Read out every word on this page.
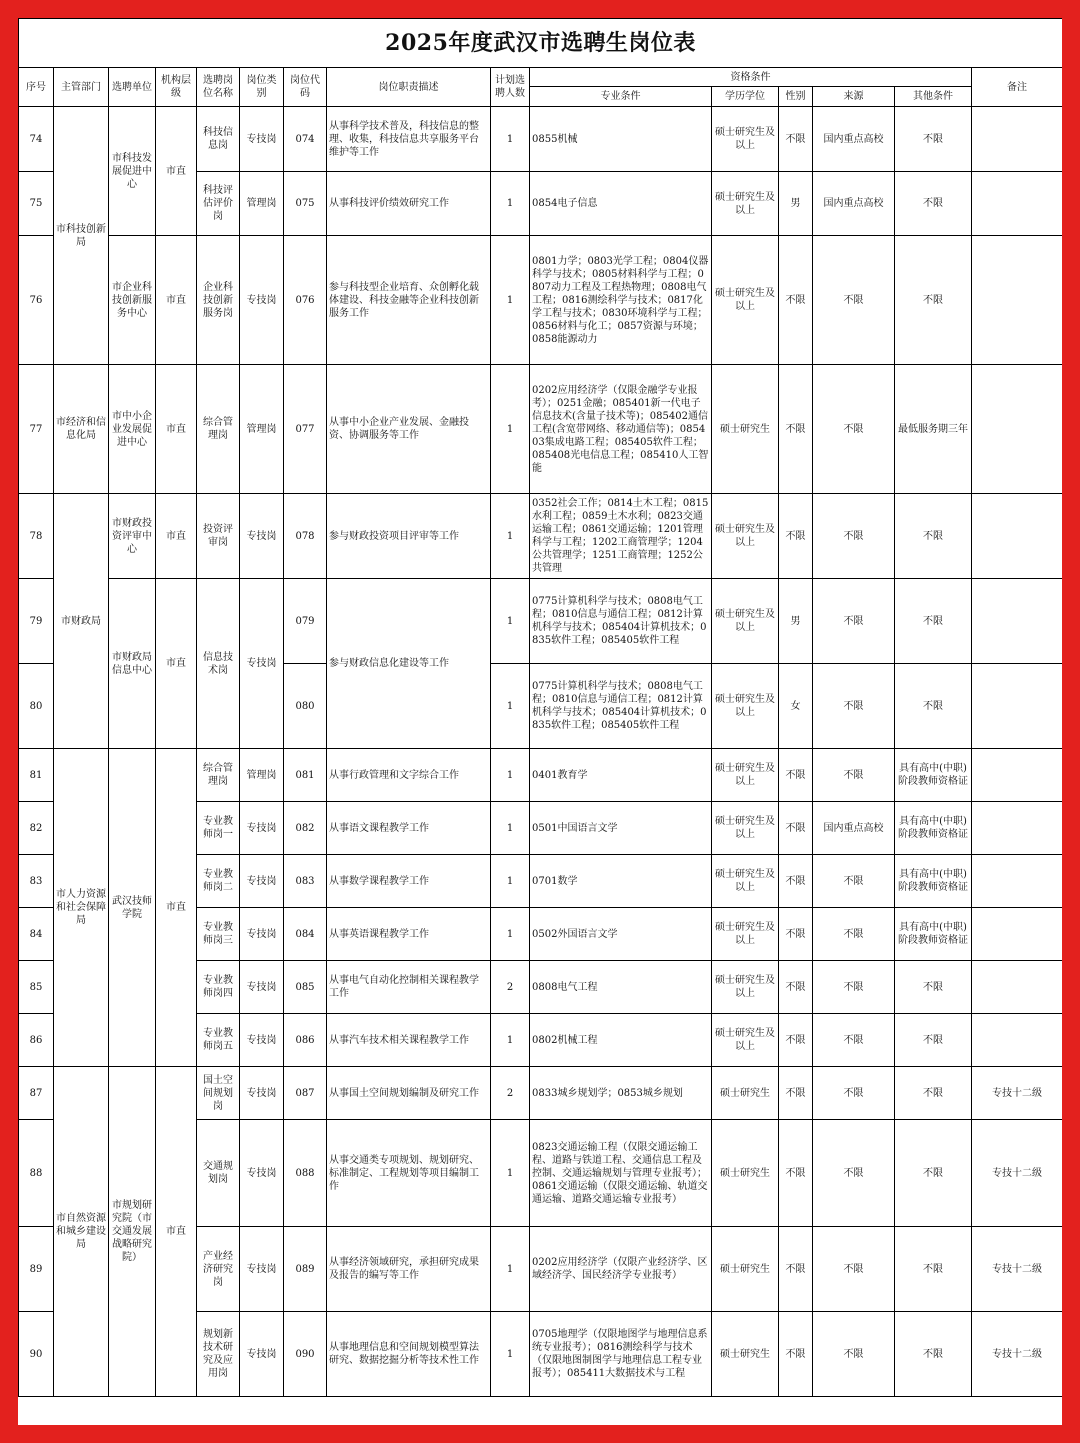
2025年度武汉市选聘生岗位表														
序号	主管部门	选聘单位	机构层级	选聘岗位名称	岗位类别	岗位代码	岗位职责描述	计划选聘人数	资格条件					备注
									专业条件	学历学位	性别	来源	其他条件	
74	市科技创新局	市科技发展促进中心	市直	科技信息岗	专技岗	074	从事科学技术普及，科技信息的整理、收集，科技信息共享服务平台维护等工作	1	0855机械	硕士研究生及以上	不限	国内重点高校	不限	
75				科技评估评价岗	管理岗	075	从事科技评价绩效研究工作	1	0854电子信息	硕士研究生及以上	男	国内重点高校	不限	
76		市企业科技创新服务中心	市直	企业科技创新服务岗	专技岗	076	参与科技型企业培育、众创孵化载体建设、科技金融等企业科技创新服务工作	1	0801力学；0803光学工程；0804仪器科学与技术；0805材料科学与工程；0807动力工程及工程热物理；0808电气工程；0816测绘科学与技术；0817化学工程与技术；0830环境科学与工程；0856材料与化工；0857资源与环境；0858能源动力	硕士研究生及以上	不限	不限	不限	
77	市经济和信息化局	市中小企业发展促进中心	市直	综合管理岗	管理岗	077	从事中小企业产业发展、金融投资、协调服务等工作	1	0202应用经济学（仅限金融学专业报考）；0251金融；085401新一代电子信息技术(含量子技术等)；085402通信工程(含宽带网络、移动通信等)；085403集成电路工程；085405软件工程；085408光电信息工程；085410人工智能	硕士研究生	不限	不限	最低服务期三年	
78	市财政局	市财政投资评审中心	市直	投资评审岗	专技岗	078	参与财政投资项目评审等工作	1	0352社会工作；0814土木工程；0815水利工程；0859土木水利；0823交通运输工程；0861交通运输；1201管理科学与工程；1202工商管理学；1204公共管理学；1251工商管理；1252公共管理	硕士研究生及以上	不限	不限	不限	
79		市财政局信息中心	市直	信息技术岗	专技岗	079	参与财政信息化建设等工作	1	0775计算机科学与技术；0808电气工程；0810信息与通信工程；0812计算机科学与技术；085404计算机技术；0835软件工程；085405软件工程	硕士研究生及以上	男	不限	不限	
80						080		1	0775计算机科学与技术；0808电气工程；0810信息与通信工程；0812计算机科学与技术；085404计算机技术；0835软件工程；085405软件工程	硕士研究生及以上	女	不限	不限	
81	市人力资源和社会保障局	武汉技师学院	市直	综合管理岗	管理岗	081	从事行政管理和文字综合工作	1	0401教育学	硕士研究生及以上	不限	不限	具有高中(中职)阶段教师资格证	
82				专业教师岗一	专技岗	082	从事语文课程教学工作	1	0501中国语言文学	硕士研究生及以上	不限	国内重点高校	具有高中(中职)阶段教师资格证	
83				专业教师岗二	专技岗	083	从事数学课程教学工作	1	0701数学	硕士研究生及以上	不限	不限	具有高中(中职)阶段教师资格证	
84				专业教师岗三	专技岗	084	从事英语课程教学工作	1	0502外国语言文学	硕士研究生及以上	不限	不限	具有高中(中职)阶段教师资格证	
85				专业教师岗四	专技岗	085	从事电气自动化控制相关课程教学工作	2	0808电气工程	硕士研究生及以上	不限	不限	不限	
86				专业教师岗五	专技岗	086	从事汽车技术相关课程教学工作	1	0802机械工程	硕士研究生及以上	不限	不限	不限	
87	市自然资源和城乡建设局	市规划研究院（市交通发展战略研究院）	市直	国土空间规划岗	专技岗	087	从事国土空间规划编制及研究工作	2	0833城乡规划学；0853城乡规划	硕士研究生	不限	不限	不限	专技十二级
88				交通规划岗	专技岗	088	从事交通类专项规划、规划研究、标准制定、工程规划等项目编制工作	1	0823交通运输工程（仅限交通运输工程、道路与铁道工程、交通信息工程及控制、交通运输规划与管理专业报考）；0861交通运输（仅限交通运输、轨道交通运输、道路交通运输专业报考）	硕士研究生	不限	不限	不限	专技十二级
89				产业经济研究岗	专技岗	089	从事经济领域研究，承担研究成果及报告的编写等工作	1	0202应用经济学（仅限产业经济学、区域经济学、国民经济学专业报考）	硕士研究生	不限	不限	不限	专技十二级
90				规划新技术研究及应用岗	专技岗	090	从事地理信息和空间规划模型算法研究、数据挖掘分析等技术性工作	1	0705地理学（仅限地图学与地理信息系统专业报考）；0816测绘科学与技术（仅限地图制图学与地理信息工程专业报考）；085411大数据技术与工程	硕士研究生	不限	不限	不限	专技十二级
